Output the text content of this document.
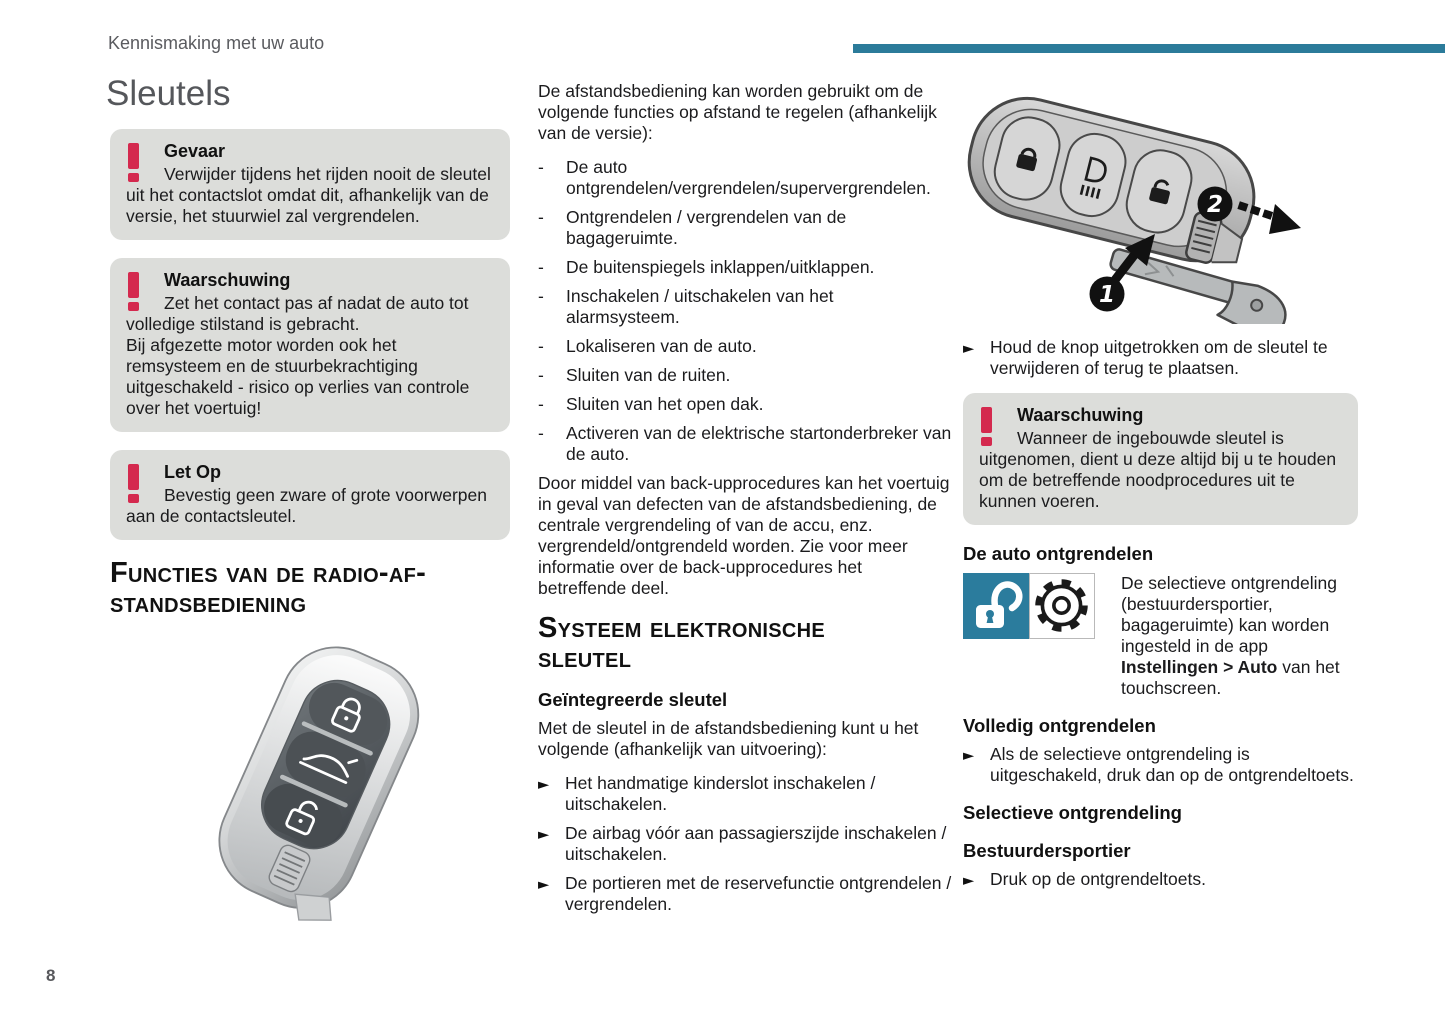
Kennismaking met uw auto
Sleutels
8
Gevaar
Verwijder tijdens het rijden nooit de sleutel uit het contactslot omdat dit, afhankelijk van de versie, het stuurwiel zal vergrendelen.
Waarschuwing
Zet het contact pas af nadat de auto tot volledige stilstand is gebracht.
Bij afgezette motor worden ook het remsysteem en de stuurbekrachtiging uitgeschakeld - risico op verlies van controle over het voertuig!
Let Op
Bevestig geen zware of grote voorwerpen aan de contactsleutel.
Functies van de radio-af-
standsbediening
De afstandsbediening kan worden gebruikt om de volgende functies op afstand te regelen (afhankelijk van de versie):
-	De auto ontgrendelen/vergrendelen/supervergrendelen.
-	Ontgrendelen / vergrendelen van de bagageruimte.
-	De buitenspiegels inklappen/uitklappen.
-	Inschakelen / uitschakelen van het alarmsysteem.
-	Lokaliseren van de auto.
-	Sluiten van de ruiten.
-	Sluiten van het open dak.
-	Activeren van de elektrische startonderbreker van de auto.
Door middel van back-upprocedures kan het voertuig in geval van defecten van de afstandsbediening, de centrale vergrendeling of van de accu, enz. vergrendeld/ontgrendeld worden. Zie voor meer informatie over de back-upprocedures het betreffende deel.
Systeem elektronische
sleutel
Geïntegreerde sleutel
Met de sleutel in de afstandsbediening kunt u het volgende (afhankelijk van uitvoering):
► Het handmatige kinderslot inschakelen / uitschakelen.
► De airbag vóór aan passagierszijde inschakelen / uitschakelen.
► De portieren met de reservefunctie ontgrendelen / vergrendelen.
1
2
► Houd de knop uitgetrokken om de sleutel te verwijderen of terug te plaatsen.
Waarschuwing
Wanneer de ingebouwde sleutel is uitgenomen, dient u deze altijd bij u te houden om de betreffende noodprocedures uit te kunnen voeren.
De auto ontgrendelen
De selectieve ontgrendeling (bestuurdersportier, bagageruimte) kan worden ingesteld in de app Instellingen > Auto van het touchscreen.
Volledig ontgrendelen
► Als de selectieve ontgrendeling is uitgeschakeld, druk dan op de ontgrendeltoets.
Selectieve ontgrendeling
Bestuurdersportier
► Druk op de ontgrendeltoets.
